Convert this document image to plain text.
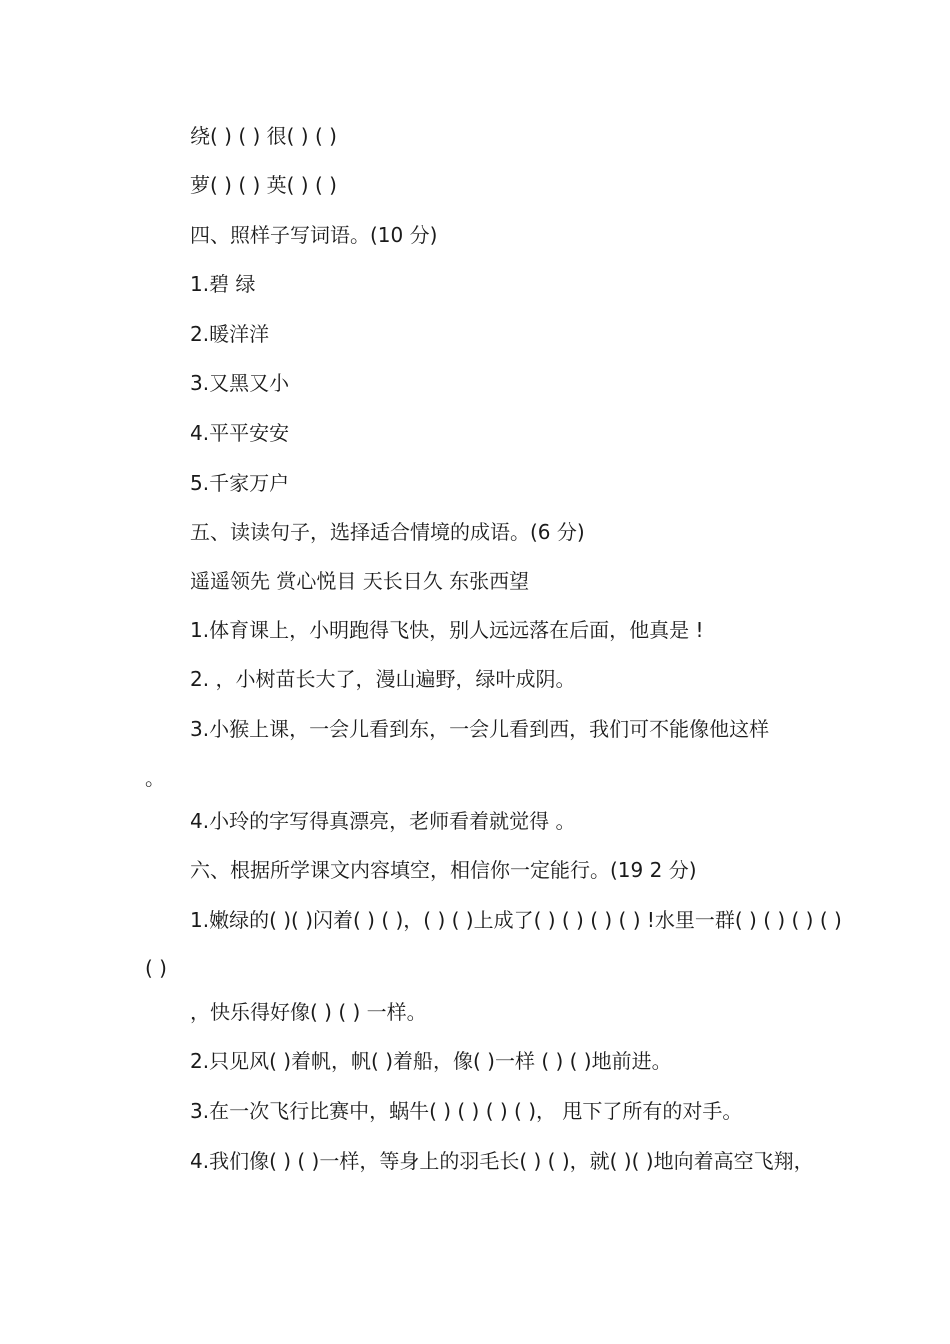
绕( ) ( ) 很( ) ( )
萝( ) ( ) 英( ) ( )
四、照样子写词语。(10 分)
1.碧 绿
2.暖洋洋
3.又黑又小
4.平平安安
5.千家万户
五、读读句子，选择适合情境的成语。(6 分)
遥遥领先 赏心悦目 天长日久 东张西望
1.体育课上，小明跑得飞快，别人远远落在后面，他真是 !
2. ，小树苗长大了，漫山遍野，绿叶成阴。
3.小猴上课，一会儿看到东，一会儿看到西，我们可不能像他这样
。
4.小玲的字写得真漂亮，老师看着就觉得 。
六、根据所学课文内容填空，相信你一定能行。(19 2 分)
1.嫩绿的( )( )闪着( ) ( )，( ) ( )上成了( ) ( ) ( ) ( ) !水里一群( ) ( ) ( ) ( )
( )
，快乐得好像( ) ( ) 一样。
2.只见风( )着帆，帆( )着船，像( )一样 ( ) ( )地前进。
3.在一次飞行比赛中，蜗牛( ) ( ) ( ) ( )， 甩下了所有的对手。
4.我们像( ) ( )一样，等身上的羽毛长( ) ( )，就( )( )地向着高空飞翔，
